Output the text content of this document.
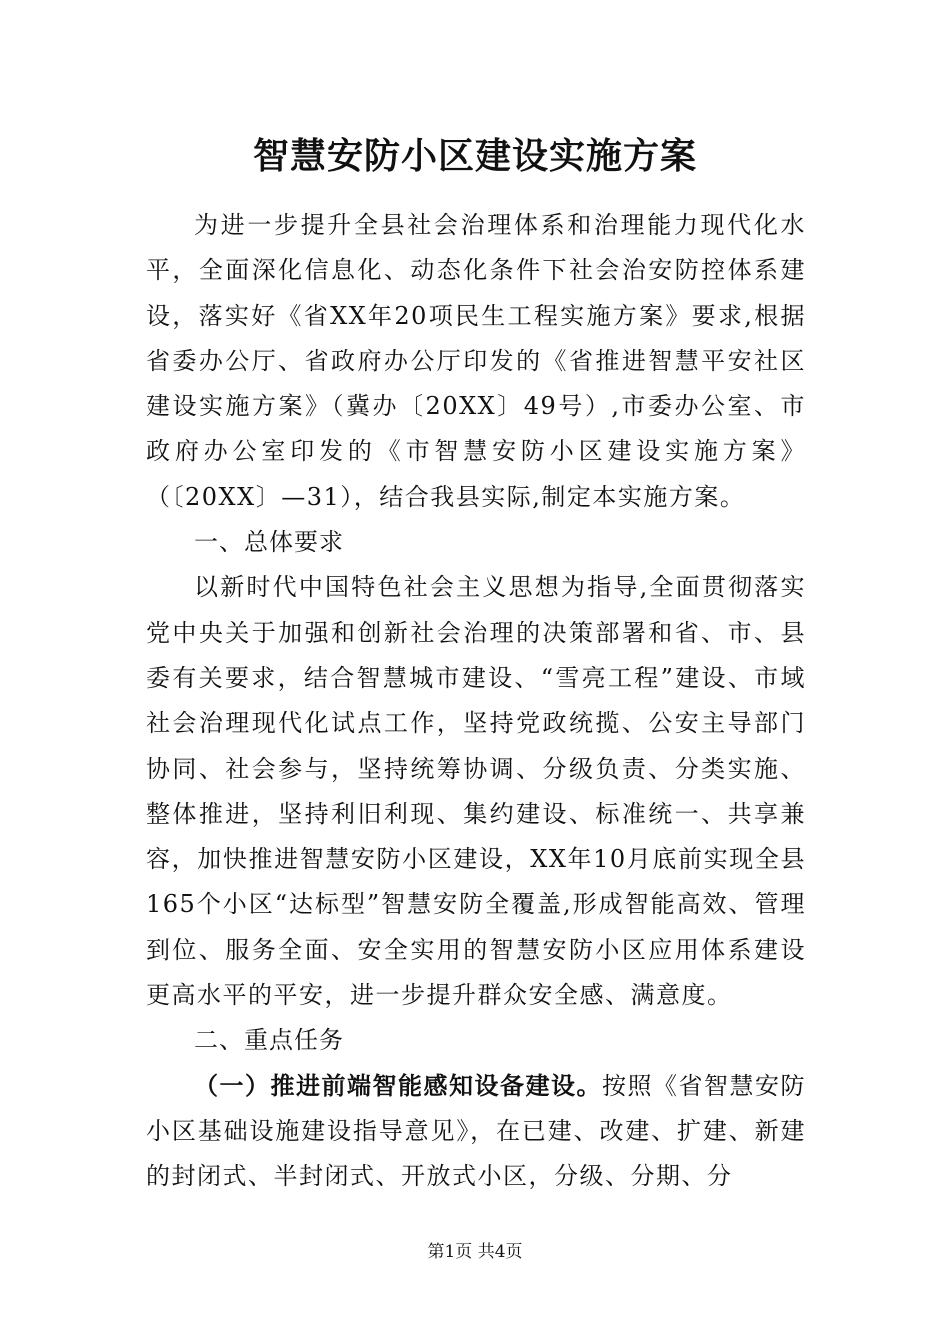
智慧安防小区建设实施方案

为进一步提升全县社会治理体系和治理能力现代化水平，全面深化信息化、动态化条件下社会治安防控体系建设，落实好《省XX年20项民生工程实施方案》要求,根据省委办公厅、省政府办公厅印发的《省推进智慧平安社区建设实施方案》（冀办〔20XX〕49号）,市委办公室、市政府办公室印发的《市智慧安防小区建设实施方案》（〔20XX〕—31），结合我县实际,制定本实施方案。

一、总体要求

以新时代中国特色社会主义思想为指导,全面贯彻落实党中央关于加强和创新社会治理的决策部署和省、市、县委有关要求，结合智慧城市建设、“雪亮工程”建设、市域社会治理现代化试点工作，坚持党政统揽、公安主导部门协同、社会参与，坚持统筹协调、分级负责、分类实施、整体推进，坚持利旧利现、集约建设、标准统一、共享兼容，加快推进智慧安防小区建设，XX年10月底前实现全县165个小区“达标型”智慧安防全覆盖,形成智能高效、管理到位、服务全面、安全实用的智慧安防小区应用体系建设更高水平的平安，进一步提升群众安全感、满意度。

二、重点任务

（一）推进前端智能感知设备建设。按照《省智慧安防小区基础设施建设指导意见》，在已建、改建、扩建、新建的封闭式、半封闭式、开放式小区，分级、分期、分

第1页 共4页
